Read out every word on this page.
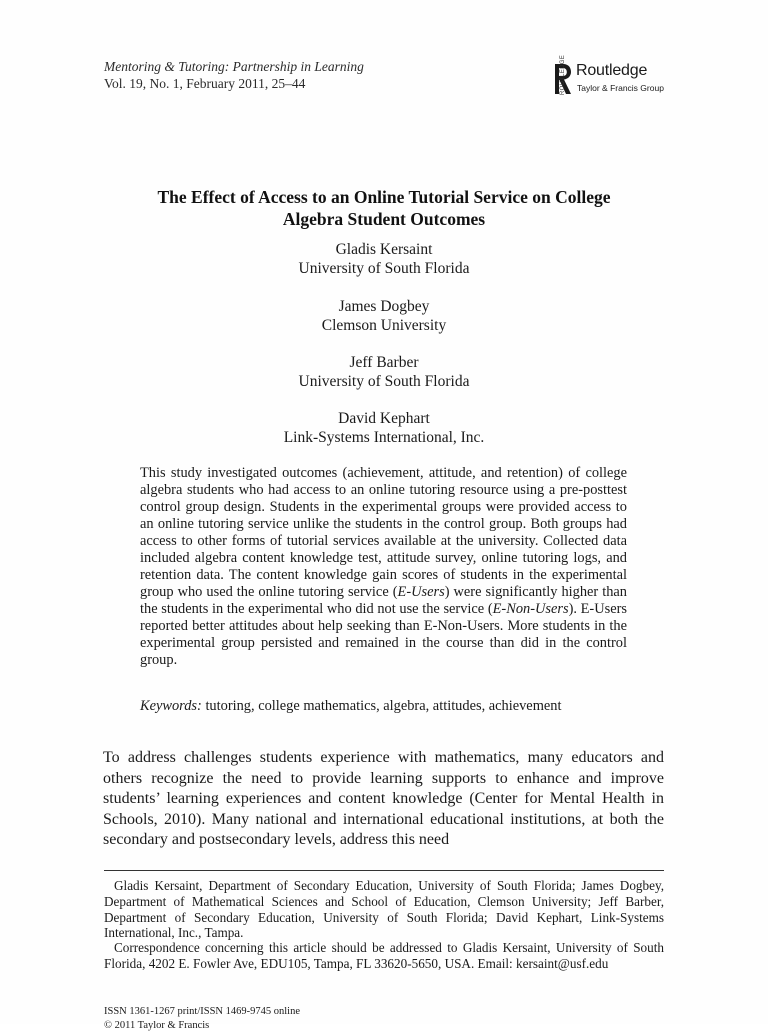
Mentoring & Tutoring: Partnership in Learning
Vol. 19, No. 1, February 2011, 25–44	ROUTLEDGE Routledge
Taylor & Francis Group
The Effect of Access to an Online Tutorial Service on College
Algebra Student Outcomes
Gladis Kersaint
University of South Florida
James Dogbey
Clemson University
Jeff Barber
University of South Florida
David Kephart
Link-Systems International, Inc.
This study investigated outcomes (achievement, attitude, and retention) of college algebra students who had access to an online tutoring resource using a pre-posttest control group design. Students in the experimental groups were provided access to an online tutoring service unlike the students in the control group. Both groups had access to other forms of tutorial services available at the university. Collected data included algebra content knowledge test, attitude survey, online tutoring logs, and retention data. The content knowledge gain scores of students in the experimental group who used the online tutoring service (E-Users) were significantly higher than the students in the experimental who did not use the service (E-Non-Users). E-Users reported better attitudes about help seeking than E-Non-Users. More students in the experimental group persisted and remained in the course than did in the control group.
Keywords: tutoring, college mathematics, algebra, attitudes, achievement
To address challenges students experience with mathematics, many educators and others recognize the need to provide learning supports to enhance and improve students’ learning experiences and content knowledge (Center for Mental Health in Schools, 2010). Many national and international educational institutions, at both the secondary and postsecondary levels, address this need
Gladis Kersaint, Department of Secondary Education, University of South Florida; James Dogbey, Department of Mathematical Sciences and School of Education, Clemson University; Jeff Barber, Department of Secondary Education, University of South Florida; David Kephart, Link-Systems International, Inc., Tampa.
Correspondence concerning this article should be addressed to Gladis Kersaint, University of South Florida, 4202 E. Fowler Ave, EDU105, Tampa, FL 33620-5650, USA. Email: kersaint@usf.edu
ISSN 1361-1267 print/ISSN 1469-9745 online
© 2011 Taylor & Francis
